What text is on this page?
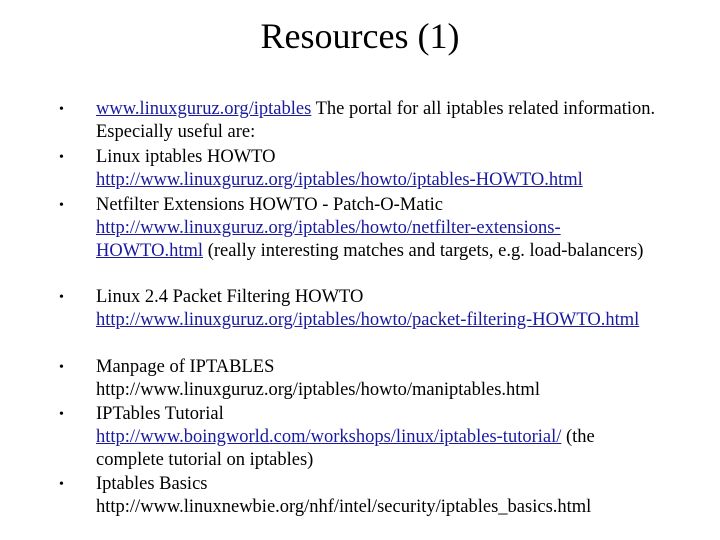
Resources (1)
• www.linuxguruz.org/iptables The portal for all iptables related information. Especially useful are:
• Linux iptables HOWTO
http://www.linuxguruz.org/iptables/howto/iptables-HOWTO.html
• Netfilter Extensions HOWTO - Patch-O-Matic
http://www.linuxguruz.org/iptables/howto/netfilter-extensions-HOWTO.html (really interesting matches and targets, e.g. load-balancers)
• Linux 2.4 Packet Filtering HOWTO
http://www.linuxguruz.org/iptables/howto/packet-filtering-HOWTO.html
• Manpage of IPTABLES
http://www.linuxguruz.org/iptables/howto/maniptables.html
• IPTables Tutorial
http://www.boingworld.com/workshops/linux/iptables-tutorial/ (the complete tutorial on iptables)
• Iptables Basics
http://www.linuxnewbie.org/nhf/intel/security/iptables_basics.html
